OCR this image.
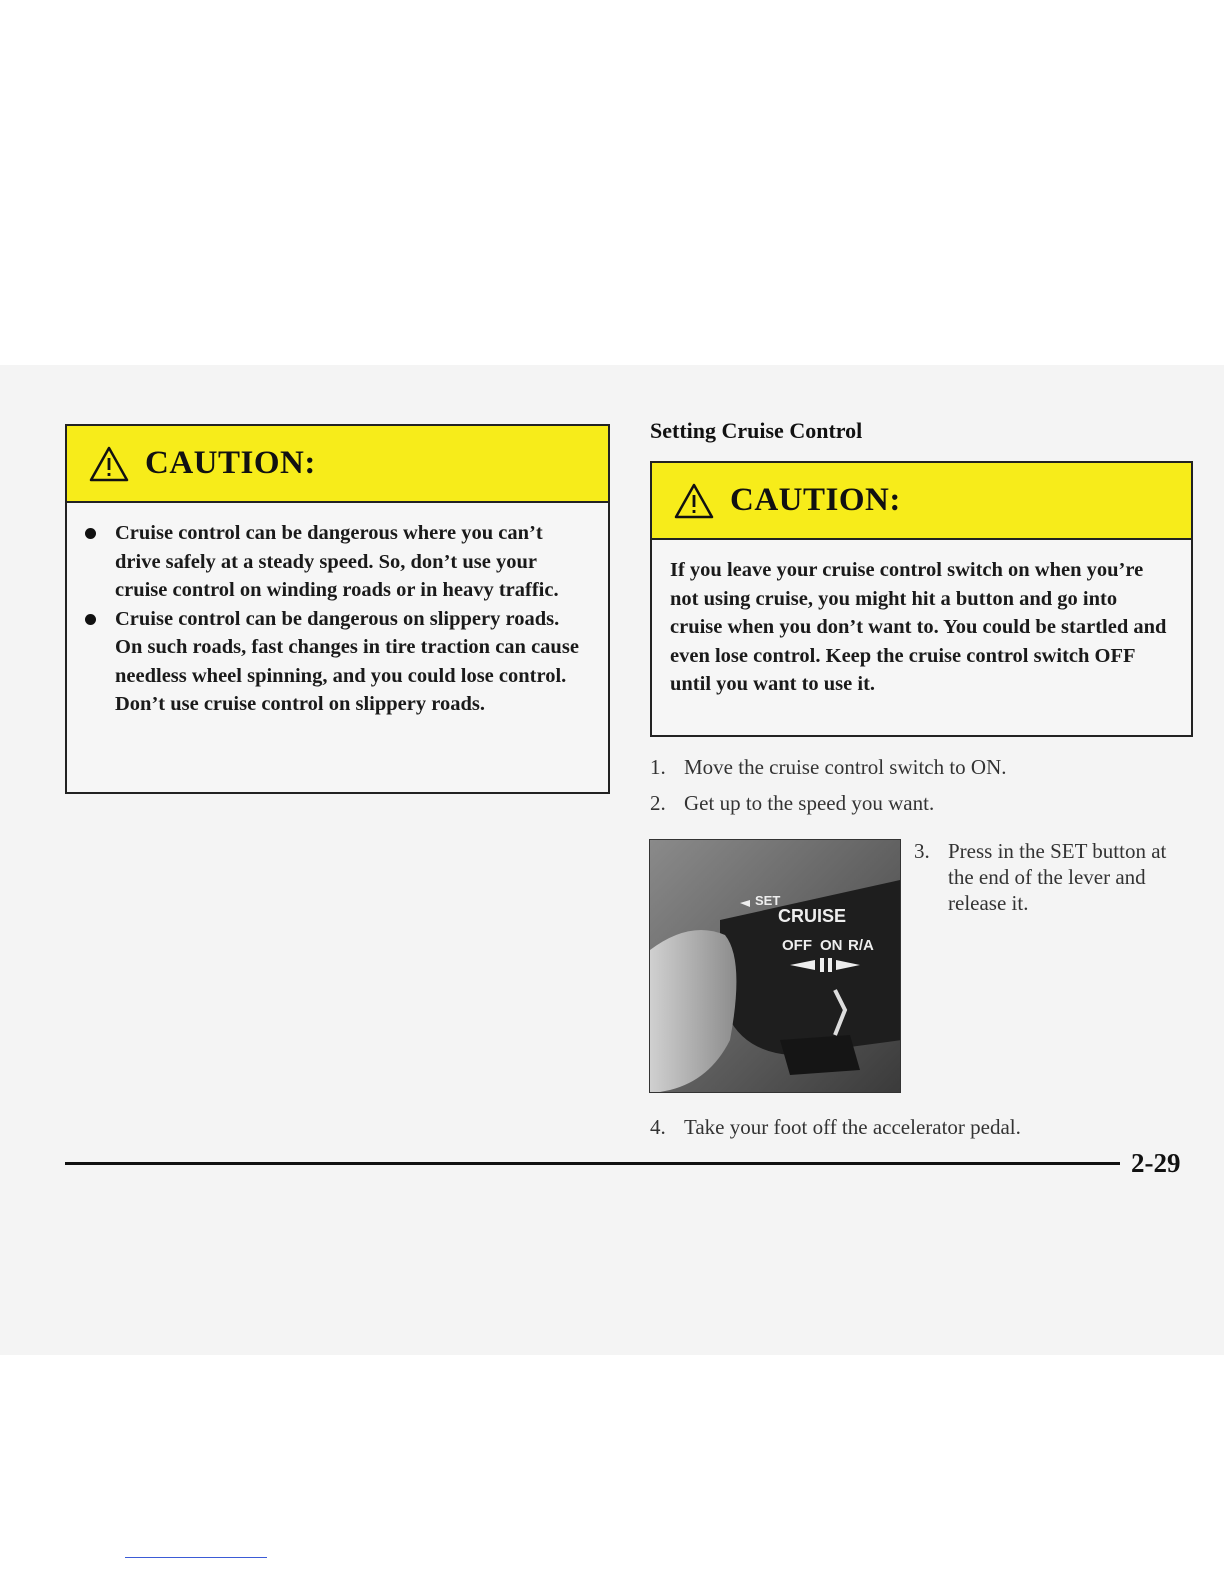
CAUTION:
Cruise control can be dangerous where you can’t drive safely at a steady speed. So, don’t use your cruise control on winding roads or in heavy traffic.
Cruise control can be dangerous on slippery roads. On such roads, fast changes in tire traction can cause needless wheel spinning, and you could lose control. Don’t use cruise control on slippery roads.
Setting Cruise Control
CAUTION:
If you leave your cruise control switch on when you’re not using cruise, you might hit a button and go into cruise when you don’t want to. You could be startled and even lose control. Keep the cruise control switch OFF until you want to use it.
1. Move the cruise control switch to ON.
2. Get up to the speed you want.
3. Press in the SET button at the end of the lever and release it.
4. Take your foot off the accelerator pedal.
SET
CRUISE
OFF ON R/A
2-29
